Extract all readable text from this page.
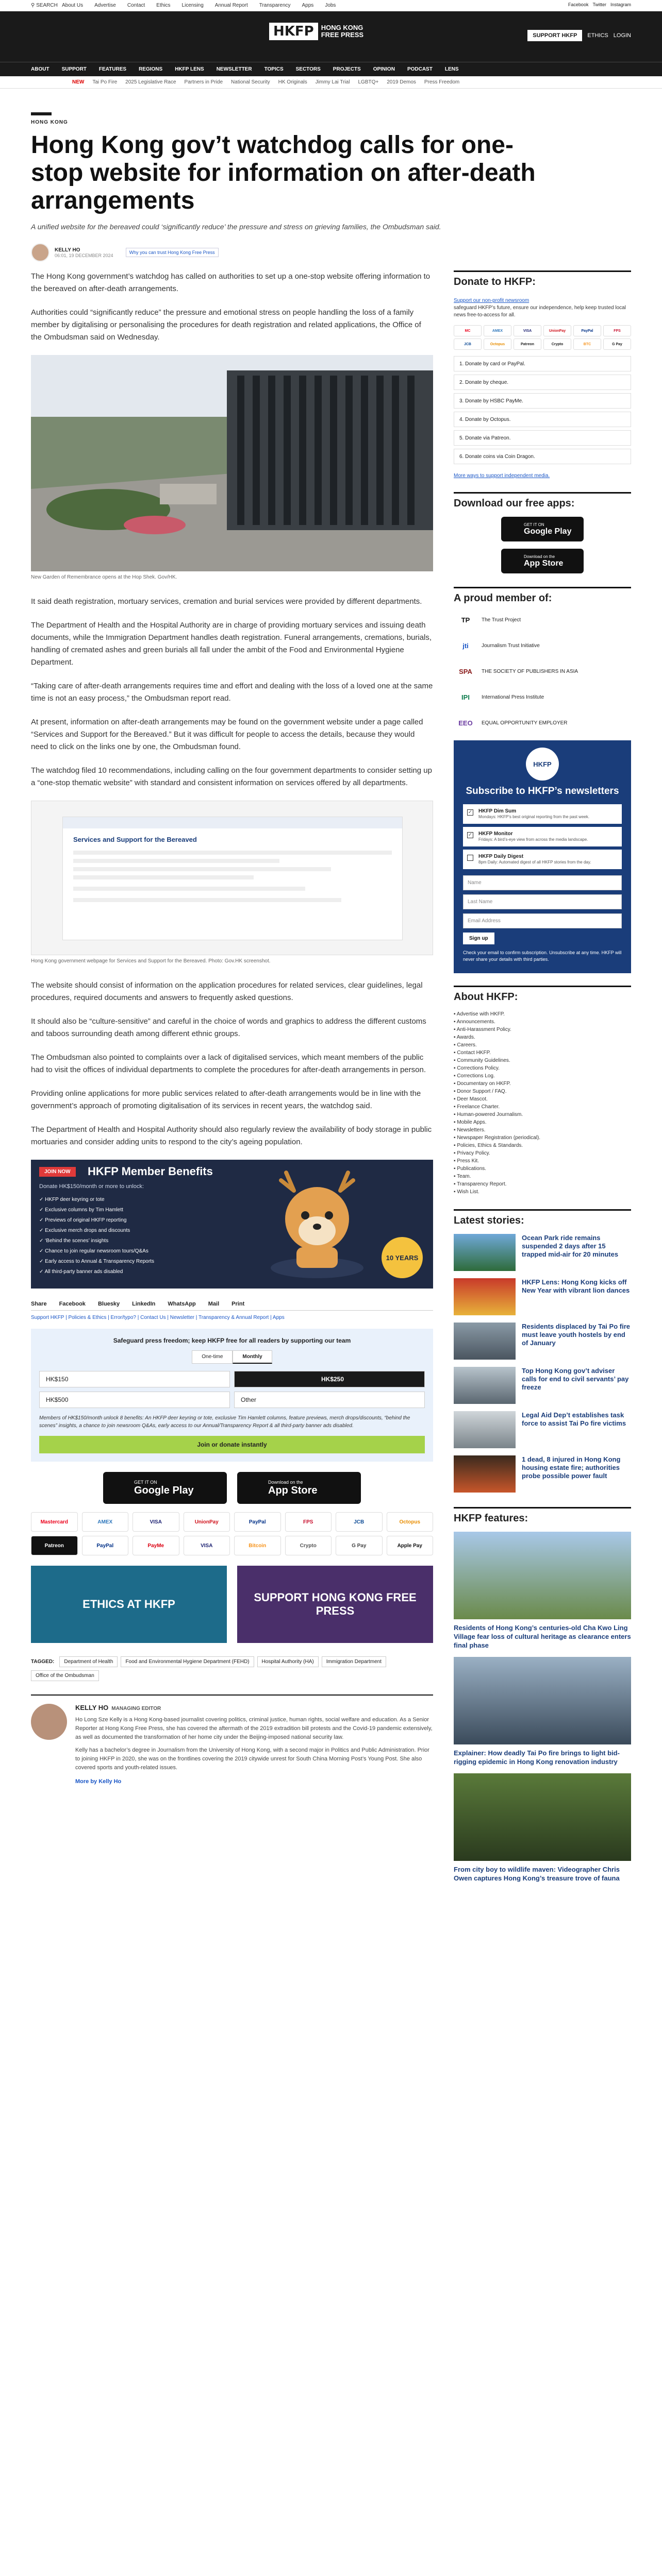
⚲ SEARCH About Us Advertise Contact Ethics Licensing Annual Report Transparency Apps Jobs	Facebook Twitter Instagram
HKFP	HONG KONG
FREE PRESS	SUPPORT HKFP	ETHICS LOGIN
ABOUT SUPPORT FEATURES REGIONS HKFP LENS NEWSLETTER TOPICS SECTORS PROJECTS OPINION PODCAST LENS
NEW Tai Po Fire 2025 Legislative Race Partners in Pride National Security HK Originals Jimmy Lai Trial LGBTQ+ 2019 Demos Press Freedom
HONG KONG
Hong Kong gov’t watchdog calls for one-stop website for information on after-death arrangements
A unified website for the bereaved could ‘significantly reduce’ the pressure and stress on grieving families, the Ombudsman said.
KELLY HO
06:01, 19 DECEMBER 2024
Why you can trust Hong Kong Free Press

The Hong Kong government’s watchdog has called on authorities to set up a one-stop website offering information to the bereaved on after-death arrangements.

Authorities could “significantly reduce” the pressure and emotional stress on people handling the loss of a family member by digitalising or personalising the procedures for death registration and related applications, the Office of the Ombudsman said on Wednesday.

New Garden of Remembrance opens at the Hop Shek. Gov/HK.

It said death registration, mortuary services, cremation and burial services were provided by different departments.

The Department of Health and the Hospital Authority are in charge of providing mortuary services and issuing death documents, while the Immigration Department handles death registration. Funeral arrangements, cremations, burials, handling of cremated ashes and green burials all fall under the ambit of the Food and Environmental Hygiene Department.

“Taking care of after-death arrangements requires time and effort and dealing with the loss of a loved one at the same time is not an easy process,” the Ombudsman report read.

At present, information on after-death arrangements may be found on the government website under a page called “Services and Support for the Bereaved.” But it was difficult for people to access the details, because they would need to click on the links one by one, the Ombudsman found.

The watchdog filed 10 recommendations, including calling on the four government departments to consider setting up a “one-stop thematic website” with standard and consistent information on services offered by all departments.

Services and Support for the Bereaved
Hong Kong government webpage for Services and Support for the Bereaved. Photo: Gov.HK screenshot.

The website should consist of information on the application procedures for related services, clear guidelines, legal procedures, required documents and answers to frequently asked questions.

It should also be “culture-sensitive” and careful in the choice of words and graphics to address the different customs and taboos surrounding death among different ethnic groups.

The Ombudsman also pointed to complaints over a lack of digitalised services, which meant members of the public had to visit the offices of individual departments to complete the procedures for after-death arrangements in person.

Providing online applications for more public services related to after-death arrangements would be in line with the government’s approach of promoting digitalisation of its services in recent years, the watchdog said.

The Department of Health and Hospital Authority should also regularly review the availability of body storage in public mortuaries and consider adding units to respond to the city’s ageing population.

JOIN NOW	HKFP Member Benefits
Donate HK$150/month or more to unlock:
✓ HKFP deer keyring or tote
✓ Exclusive columns by Tim Hamlett
✓ Previews of original HKFP reporting
✓ Exclusive merch drops and discounts
✓ ‘Behind the scenes’ insights
✓ Chance to join regular newsroom tours/Q&As
✓ Early access to Annual & Transparency Reports
✓ All third-party banner ads disabled
10 YEARS
Share Facebook Bluesky LinkedIn WhatsApp Mail Print
Support HKFP | Policies & Ethics | Error/typo? | Contact Us | Newsletter | Transparency & Annual Report | Apps
Safeguard press freedom; keep HKFP free for all readers by supporting our team
One-time	Monthly
HK$150	HK$250
HK$500	Other
Members of HK$150/month unlock 8 benefits: An HKFP deer keyring or tote, exclusive Tim Hamlett columns, feature previews, merch drops/discounts, “behind the scenes” insights, a chance to join newsroom Q&As, early access to our Annual/Transparency Report & all third-party banner ads disabled.
Join or donate instantly
GET IT ON
Google Play
Download on the
App Store
Mastercard	AMEX	VISA	UnionPay	PayPal	FPS	JCB	Octopus
Patreon	PayPal	PayMe	VISA	Bitcoin	Crypto	G Pay	Apple Pay
ETHICS AT HKFP
SUPPORT HONG KONG FREE PRESS
TAGGED:	Department of Health	Food and Environmental Hygiene Department (FEHD)	Hospital Authority (HA)	Immigration Department
Office of the Ombudsman
KELLY HO MANAGING EDITOR

Ho Long Sze Kelly is a Hong Kong-based journalist covering politics, criminal justice, human rights, social welfare and education. As a Senior Reporter at Hong Kong Free Press, she has covered the aftermath of the 2019 extradition bill protests and the Covid-19 pandemic extensively, as well as documented the transformation of her home city under the Beijing-imposed national security law.

Kelly has a bachelor’s degree in Journalism from the University of Hong Kong, with a second major in Politics and Public Administration. Prior to joining HKFP in 2020, she was on the frontlines covering the 2019 citywide unrest for South China Morning Post’s Young Post. She also covered sports and youth-related issues.

More by Kelly Ho
Donate to HKFP:
Support our non-profit newsroom
safeguard HKFP’s future, ensure our independence, help keep trusted local news free-to-access for all.
MC	AMEX	VISA	UnionPay	PayPal	FPS
JCB	Octopus	Patreon	Crypto	BTC	G Pay
1. Donate by card or PayPal.
2. Donate by cheque.
3. Donate by HSBC PayMe.
4. Donate by Octopus.
5. Donate via Patreon.
6. Donate coins via Coin Dragon.
More ways to support independent media.
Download our free apps:
GET IT ON
Google Play
Download on the
App Store
A proud member of:
TP	The Trust Project
jti	Journalism Trust Initiative
SPA	THE SOCIETY OF PUBLISHERS IN ASIA
IPI	International Press Institute
EEO	EQUAL OPPORTUNITY EMPLOYER
HKFP
Subscribe to HKFP’s newsletters
✓ HKFP Dim Sum
Mondays: HKFP’s best original reporting from the past week.
✓ HKFP Monitor
Fridays: A bird’s-eye view from across the media landscape.
HKFP Daily Digest
8pm Daily: Automated digest of all HKFP stories from the day.
Name
Last Name
Email Address
Sign up
Check your email to confirm subscription. Unsubscribe at any time. HKFP will never share your details with third parties.
About HKFP:
▪ Advertise with HKFP.
▪ Announcements.
▪ Anti-Harassment Policy.
▪ Awards.
▪ Careers.
▪ Contact HKFP.
▪ Community Guidelines.
▪ Corrections Policy.
▪ Corrections Log.
▪ Documentary on HKFP.
▪ Donor Support / FAQ.
▪ Deer Mascot.
▪ Freelance Charter.
▪ Human-powered Journalism.
▪ Mobile Apps.
▪ Newsletters.
▪ Newspaper Registration (periodical).
▪ Policies, Ethics & Standards.
▪ Privacy Policy.
▪ Press Kit.
▪ Publications.
▪ Team.
▪ Transparency Report.
▪ Wish List.
Latest stories:

Ocean Park ride remains suspended 2 days after 15 trapped mid-air for 20 minutes

HKFP Lens: Hong Kong kicks off New Year with vibrant lion dances

Residents displaced by Tai Po fire must leave youth hostels by end of January

Top Hong Kong gov’t adviser calls for end to civil servants’ pay freeze

Legal Aid Dep’t establishes task force to assist Tai Po fire victims

1 dead, 8 injured in Hong Kong housing estate fire; authorities probe possible power fault

HKFP features:

Residents of Hong Kong’s centuries-old Cha Kwo Ling Village fear loss of cultural heritage as clearance enters final phase

Explainer: How deadly Tai Po fire brings to light bid-rigging epidemic in Hong Kong renovation industry

From city boy to wildlife maven: Videographer Chris Owen captures Hong Kong’s treasure trove of fauna
